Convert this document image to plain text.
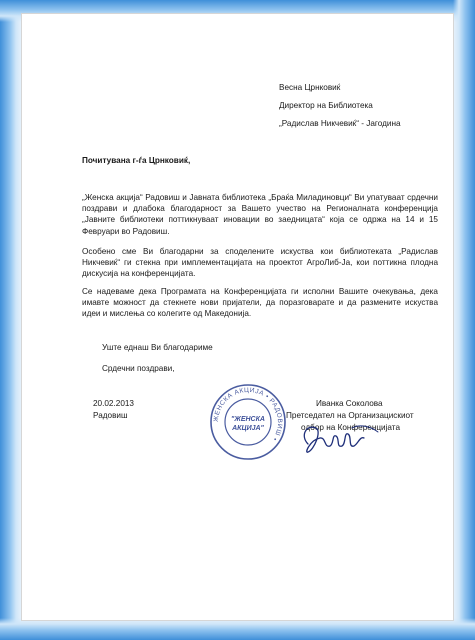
Весна Црнковиќ
Директор на Библиотека
„Радислав Никчевиќ“ - Јагодина
Почитувана г-ѓа Црнковиќ,
„Женска акција“ Радовиш и Јавната библиотека „Браќа Миладиновци“ Ви упатуваат срдечни поздрави и длабока благодарност за Вашето учество на Регионалната конференција „Јавните библиотеки поттикнуваат иновации во заедницата“ која се одржа на 14 и 15 Февруари во Радовиш.
Особено сме Ви благодарни за споделените искуства кои библиотеката „Радислав Никчевиќ“ ги стекна при имплементацијата на проектот АгроЛиб-Ја, кои поттикна плодна дискусија на конференцијата.
Се надеваме дека Програмата на Конференцијата ги исполни Вашите очекувања, дека имавте можност да стекнете нови пријатели, да поразговарате и да размените искуства идеи и мислења со колегите од Македонија.
Уште еднаш Ви благодариме
Срдечни поздрави,
20.02.2013
Радовиш
Иванка Соколова
Претседател на Организацискиот
одбор на Конференцијата
ЖЕНСКА АКЦИЈА • РАДОВИШ •
"ЖЕНСКА
АКЦИЈА"
